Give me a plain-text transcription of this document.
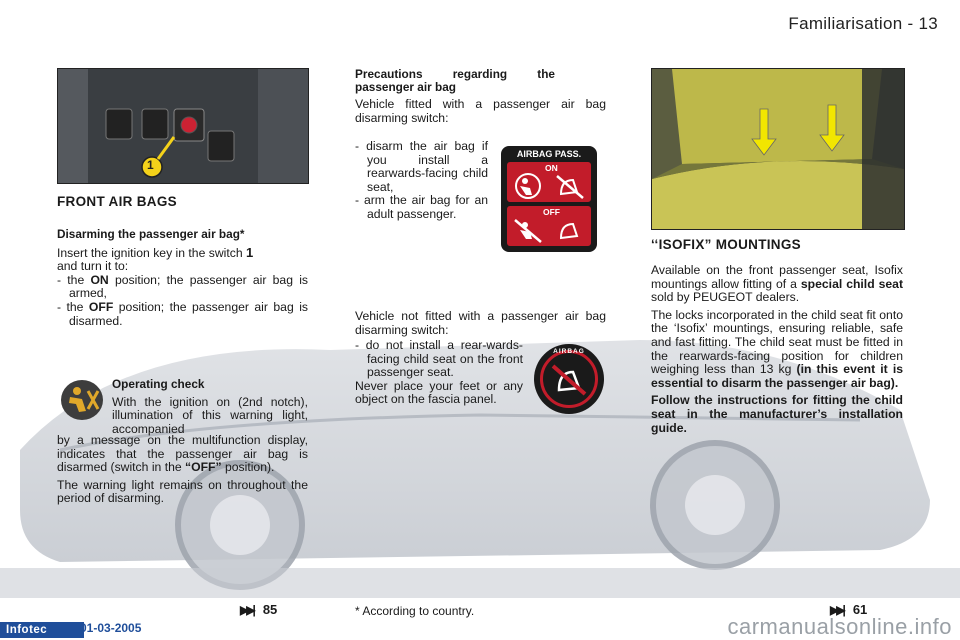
Familiarisation - 13
1
FRONT AIR BAGS

Disarming the passenger air bag*

Insert the ignition key in the switch 1
and turn it to:

- the ON position; the passenger air bag is armed,

- the OFF position; the passenger air bag is disarmed.

Operating check

With the ignition on (2nd notch), illumination of this warning light, accompanied

by a message on the multifunction display, indicates that the passenger air bag is disarmed (switch in the “OFF” position).

The warning light remains on throughout the period of disarming.

▶▶| 85

Precautions regarding the passenger air bag

Vehicle fitted with a passenger air bag disarming switch:

- disarm the air bag if you install a rearwards-facing child seat,

- arm the air bag for an adult passenger.

AIRBAG PASS.
ON
OFF

Vehicle not fitted with a passenger air bag disarming switch:

- do not install a rear-wards-facing child seat on the front passenger seat.

Never place your feet or any object on the fascia panel.

AIRBAG
* According to country.
‘‘ISOFIX” MOUNTINGS

Available on the front passenger seat, Isofix mountings allow fitting of a special child seat sold by PEUGEOT dealers.

The locks incorporated in the child seat fit onto the ‘Isofix’ mountings, ensuring reliable, safe and fast fitting. The child seat must be fitted in the rearwards-facing position for children weighing less than 13 kg (in this event it is essential to disarm the passenger air bag).

Follow the instructions for fitting the child seat in the manufacturer’s installation guide.

▶▶| 61
Infotec	01-03-2005	carmanualsonline.info
